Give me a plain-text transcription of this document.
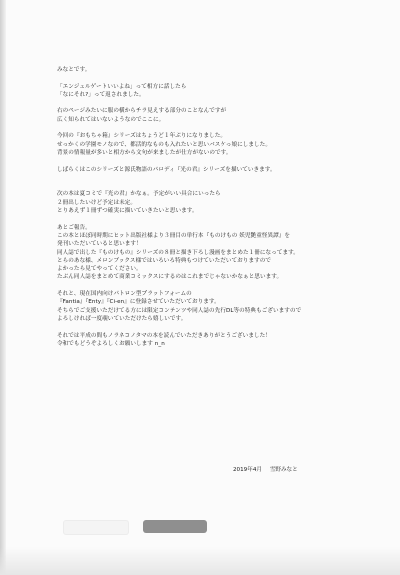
みなとです。
「エンジェルゲートいいよね」って相方に話したら
「なにそれ?」って返されました。
右のページみたいに服の横からチラ見えする部分のことなんですが
広く知られてはいないようなのでここに。
今回の『おもちゃ箱』シリーズはちょうど１年ぶりになりました。
せっかくの学園モノなので、都活的なものも入れたいと思いバスケっ娘にしました。
背景の情報量が多いと相方から文句が来ましたが仕方がないのです。
しばらくはこのシリーズと源氏物語のパロディ『光の君』シリーズを描いていきます。
次の本は夏コミで『光の君』かなぁ。予定がいい具合にいったら
２冊出したいけど予定は未定。
とりあえず１冊ずつ確実に描いていきたいと思います。
あとご報告。
この本とほぼ同時期にヒット出版社様より３冊目の単行本『ものけもの 妖児艶童怪異譚』を
発刊いただいていると思います！
同人誌で出した『ものけもの』シリーズの８冊と描き下ろし漫画をまとめた１冊になってます。
とらのあな様、メロンブックス様ではいろいろ特典もつけていただいておりますので
よかったら見てやってください。
たぶん同人誌をまとめて商業コミックスにするのはこれまでじゃないかなぁと思います。
それと、現在国内向けパトロン型プラットフォームの
『Fantia』『Enty』『Ci-en』に登録させていただいております。
そちらでご支援いただけてる方には限定コンテンツや同人誌の先行DL等の特典もございますので
よろしければ一度覗いていただけたら嬉しいです。
それでは平成の間もノラネコノタマの本を読んでいただきありがとうございました！
令和でもどうぞよろしくお願いします n_n
2019年4月 雪野みなと
